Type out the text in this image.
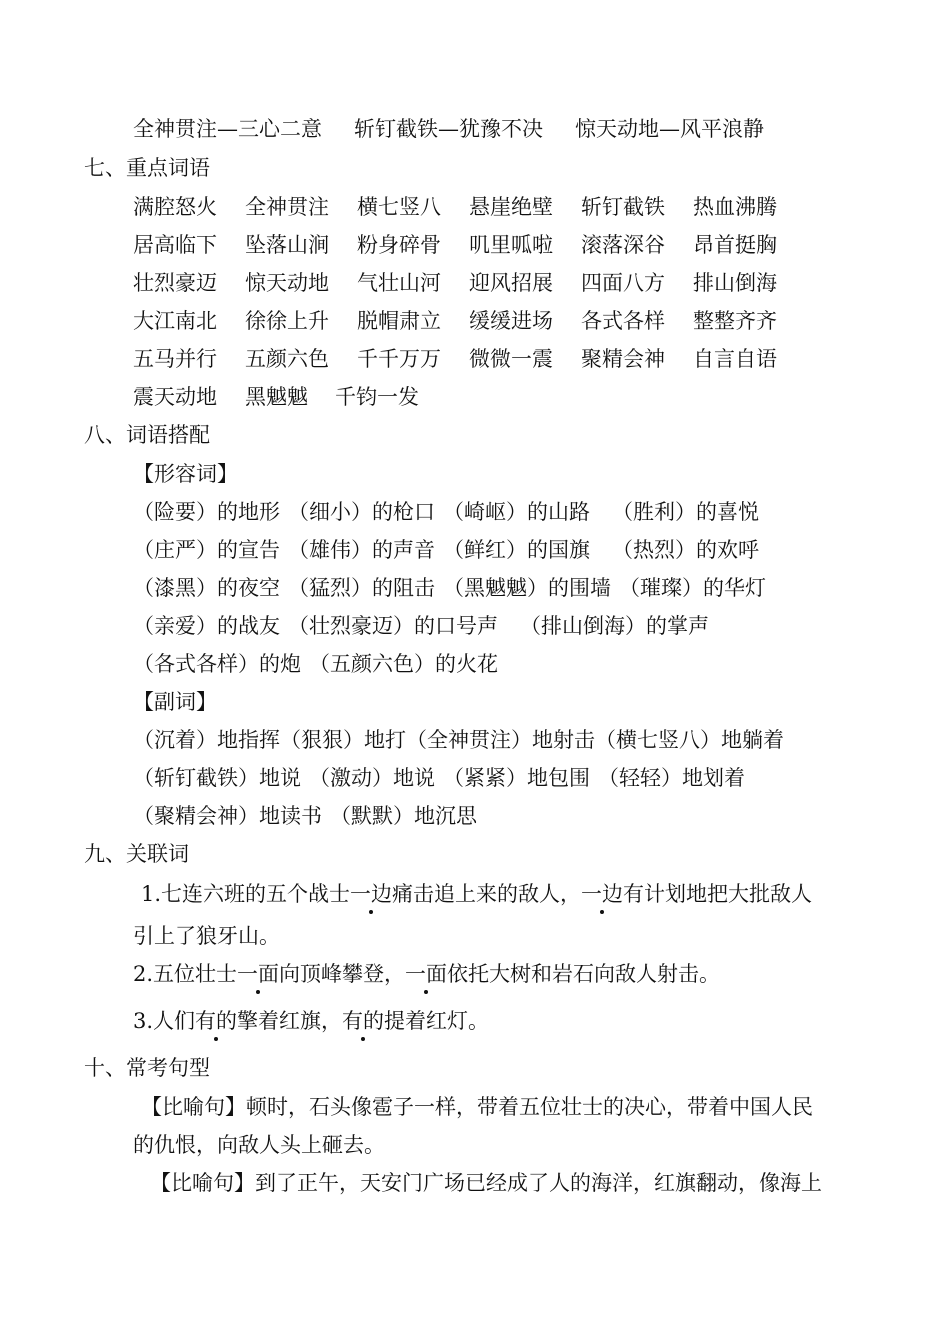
全神贯注—三心二意 斩钉截铁—犹豫不决 惊天动地—风平浪静
七、重点词语
满腔怒火 全神贯注 横七竖八 悬崖绝壁 斩钉截铁 热血沸腾
居高临下 坠落山涧 粉身碎骨 叽里呱啦 滚落深谷 昂首挺胸
壮烈豪迈 惊天动地 气壮山河 迎风招展 四面八方 排山倒海
大江南北 徐徐上升 脱帽肃立 缓缓进场 各式各样 整整齐齐
五马并行 五颜六色 千千万万 微微一震 聚精会神 自言自语
震天动地 黑魆魆 千钧一发
八、词语搭配
【形容词】
（险要）的地形 （细小）的枪口 （崎岖）的山路 （胜利）的喜悦
（庄严）的宣告 （雄伟）的声音 （鲜红）的国旗 （热烈）的欢呼
（漆黑）的夜空 （猛烈）的阻击 （黑魆魆）的围墙 （璀璨）的华灯
（亲爱）的战友 （壮烈豪迈）的口号声 （排山倒海）的掌声
（各式各样）的炮 （五颜六色）的火花
【副词】
（沉着）地指挥（狠狠）地打（全神贯注）地射击（横七竖八）地躺着
（斩钉截铁）地说 （激动）地说 （紧紧）地包围 （轻轻）地划着
（聚精会神）地读书 （默默）地沉思
九、关联词
1.七连六班的五个战士一边痛击追上来的敌人，一边有计划地把大批敌人
引上了狼牙山。
2.五位壮士一面向顶峰攀登，一面依托大树和岩石向敌人射击。
3.人们有的擎着红旗，有的提着红灯。
十、常考句型
【比喻句】顿时，石头像雹子一样，带着五位壮士的决心，带着中国人民
的仇恨，向敌人头上砸去。
【比喻句】到了正午，天安门广场已经成了人的海洋，红旗翻动，像海上
